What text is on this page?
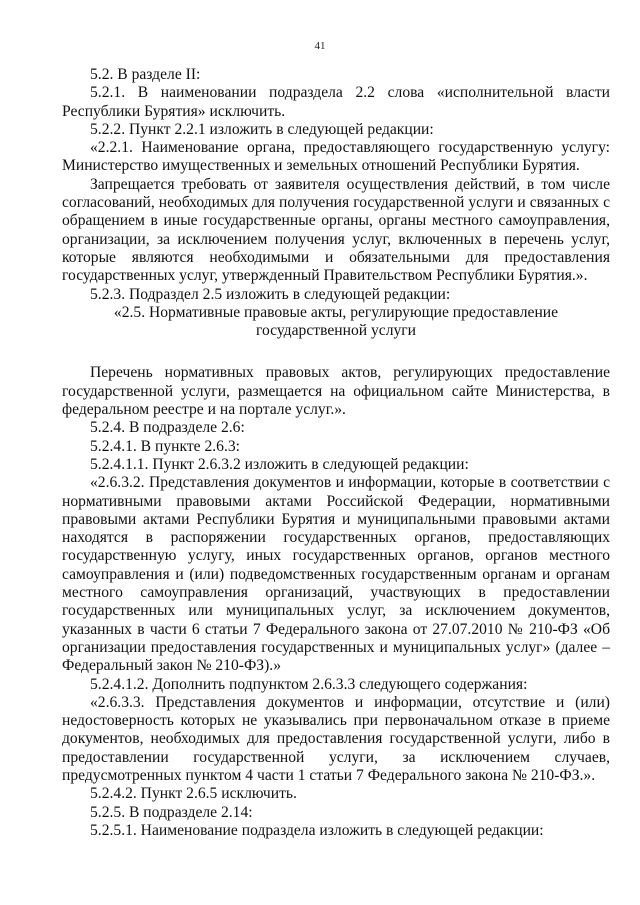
41

5.2. В разделе II:

5.2.1. В наименовании подраздела 2.2 слова «исполнительной власти Республики Бурятия» исключить.

5.2.2. Пункт 2.2.1 изложить в следующей редакции:

«2.2.1. Наименование органа, предоставляющего государственную услугу: Министерство имущественных и земельных отношений Республики Бурятия.

Запрещается требовать от заявителя осуществления действий, в том числе согласований, необходимых для получения государственной услуги и связанных с обращением в иные государственные органы, органы местного самоуправления, организации, за исключением получения услуг, включенных в перечень услуг, которые являются необходимыми и обязательными для предоставления государственных услуг, утвержденный Правительством Республики Бурятия.».

5.2.3. Подраздел 2.5 изложить в следующей редакции:

«2.5. Нормативные правовые акты, регулирующие предоставление государственной услуги

Перечень нормативных правовых актов, регулирующих предоставление государственной услуги, размещается на официальном сайте Министерства, в федеральном реестре и на портале услуг.».

5.2.4. В подразделе 2.6:

5.2.4.1. В пункте 2.6.3:

5.2.4.1.1. Пункт 2.6.3.2 изложить в следующей редакции:

«2.6.3.2. Представления документов и информации, которые в соответствии с нормативными правовыми актами Российской Федерации, нормативными правовыми актами Республики Бурятия и муниципальными правовыми актами находятся в распоряжении государственных органов, предоставляющих государственную услугу, иных государственных органов, органов местного самоуправления и (или) подведомственных государственным органам и органам местного самоуправления организаций, участвующих в предоставлении государственных или муниципальных услуг, за исключением документов, указанных в части 6 статьи 7 Федерального закона от 27.07.2010 № 210-ФЗ «Об организации предоставления государственных и муниципальных услуг» (далее – Федеральный закон № 210-ФЗ).»

5.2.4.1.2. Дополнить подпунктом 2.6.3.3 следующего содержания:

«2.6.3.3. Представления документов и информации, отсутствие и (или) недостоверность которых не указывались при первоначальном отказе в приеме документов, необходимых для предоставления государственной услуги, либо в предоставлении государственной услуги, за исключением случаев, предусмотренных пунктом 4 части 1 статьи 7 Федерального закона № 210-ФЗ.».

5.2.4.2. Пункт 2.6.5 исключить.

5.2.5. В подразделе 2.14:

5.2.5.1. Наименование подраздела изложить в следующей редакции:
